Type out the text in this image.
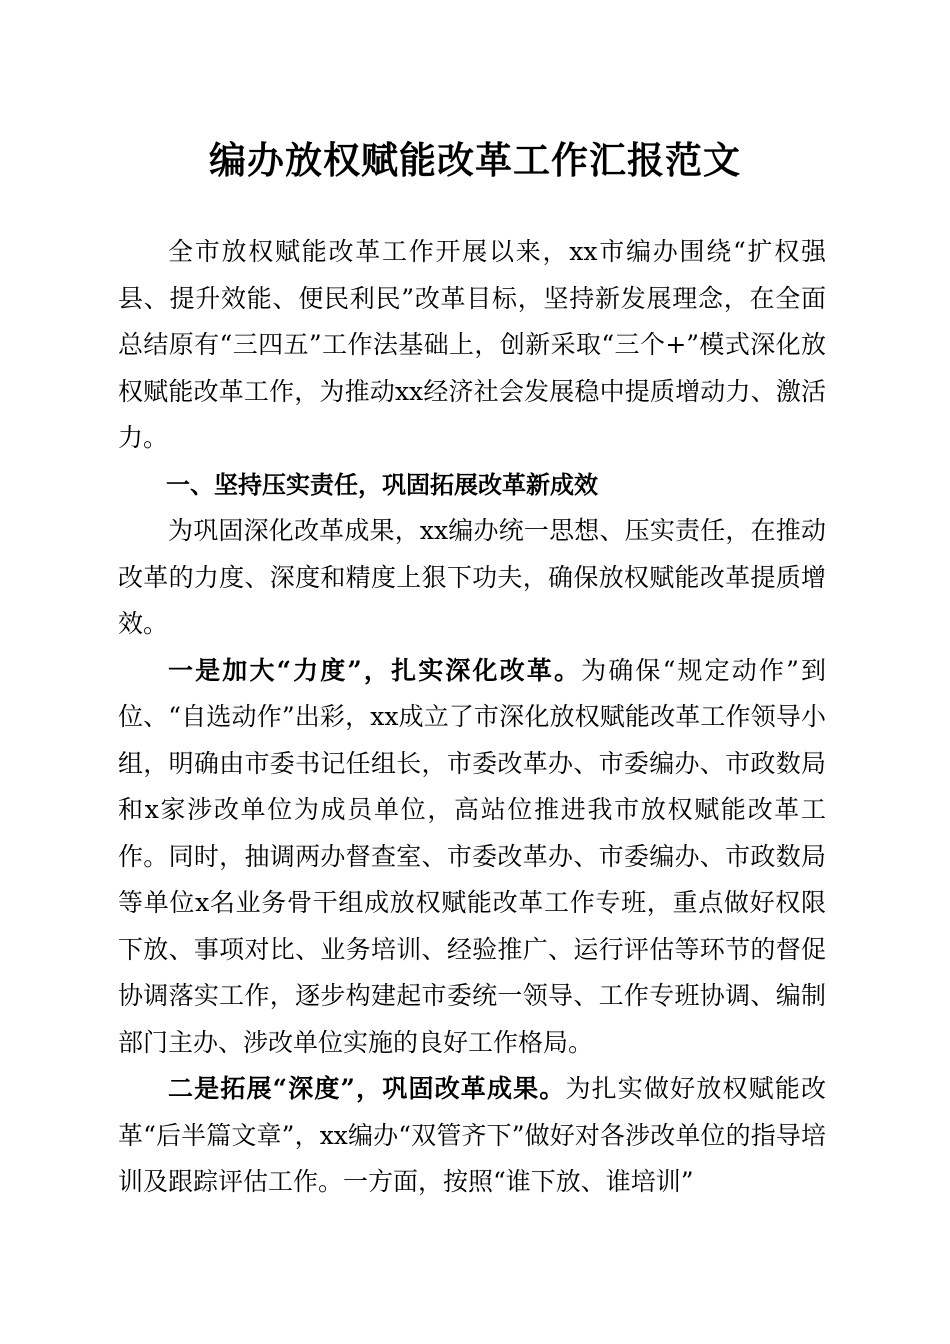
编办放权赋能改革工作汇报范文

全市放权赋能改革工作开展以来，xx市编办围绕“扩权强县、提升效能、便民利民”改革目标，坚持新发展理念，在全面总结原有“三四五”工作法基础上，创新采取“三个+”模式深化放权赋能改革工作，为推动xx经济社会发展稳中提质增动力、激活力。

一、坚持压实责任，巩固拓展改革新成效

为巩固深化改革成果，xx编办统一思想、压实责任，在推动改革的力度、深度和精度上狠下功夫，确保放权赋能改革提质增效。

一是加大“力度”，扎实深化改革。为确保“规定动作”到位、“自选动作”出彩，xx成立了市深化放权赋能改革工作领导小组，明确由市委书记任组长，市委改革办、市委编办、市政数局和x家涉改单位为成员单位，高站位推进我市放权赋能改革工作。同时，抽调两办督查室、市委改革办、市委编办、市政数局等单位x名业务骨干组成放权赋能改革工作专班，重点做好权限下放、事项对比、业务培训、经验推广、运行评估等环节的督促协调落实工作，逐步构建起市委统一领导、工作专班协调、编制部门主办、涉改单位实施的良好工作格局。

二是拓展“深度”，巩固改革成果。为扎实做好放权赋能改革“后半篇文章”，xx编办“双管齐下”做好对各涉改单位的指导培训及跟踪评估工作。一方面，按照“谁下放、谁培训”
